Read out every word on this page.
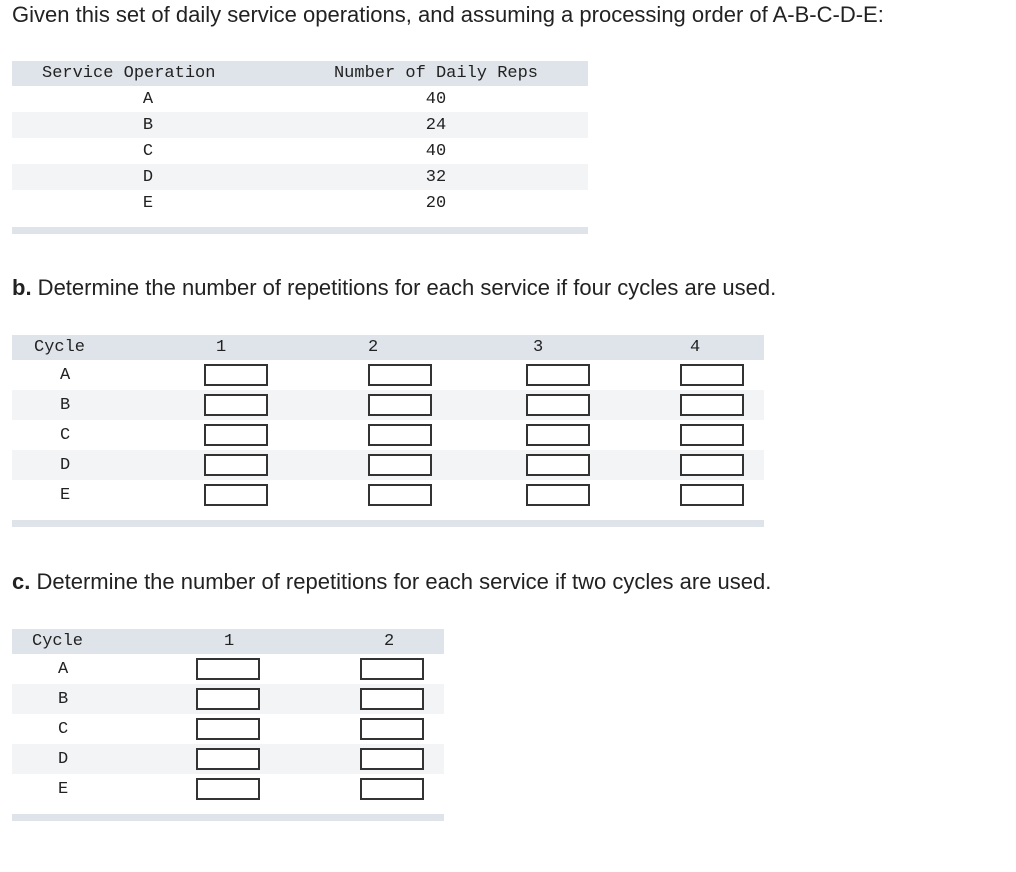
Given this set of daily service operations, and assuming a processing order of A-B-C-D-E:

Service Operation	Number of Daily Reps
A	40
B	24
C	40
D	32
E	20

b. Determine the number of repetitions for each service if four cycles are used.

Cycle	1	2	3	4
A				
B				
C				
D				
E				

c. Determine the number of repetitions for each service if two cycles are used.

Cycle	1	2
A		
B		
C		
D		
E		
